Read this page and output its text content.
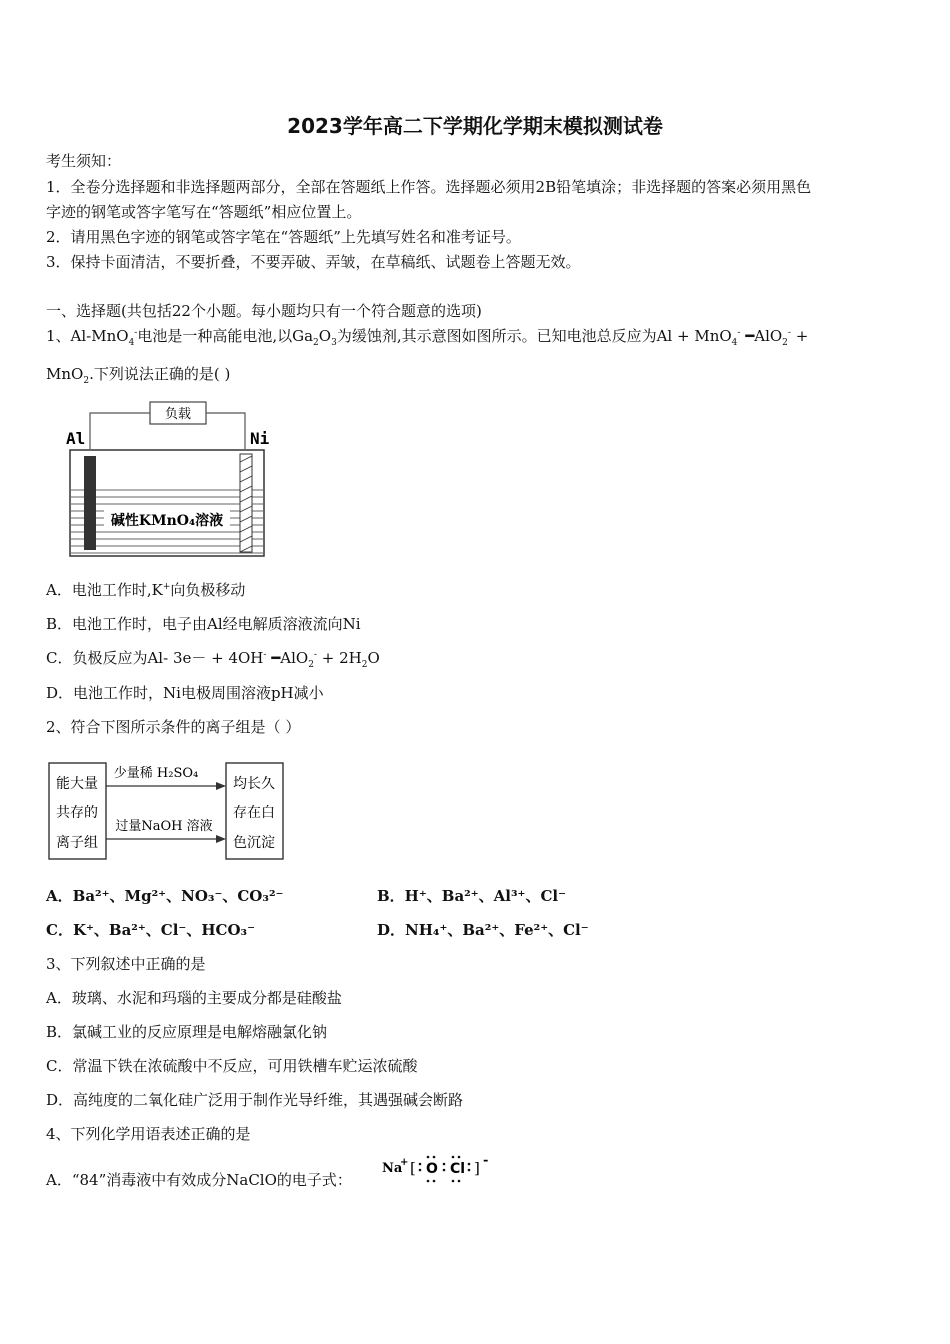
2023学年高二下学期化学期末模拟测试卷
考生须知：
1．全卷分选择题和非选择题两部分，全部在答题纸上作答。选择题必须用2B铅笔填涂；非选择题的答案必须用黑色
字迹的钢笔或答字笔写在“答题纸”相应位置上。
2．请用黑色字迹的钢笔或答字笔在“答题纸”上先填写姓名和准考证号。
3．保持卡面清洁，不要折叠，不要弄破、弄皱，在草稿纸、试题卷上答题无效。
一、选择题(共包括22个小题。每小题均只有一个符合题意的选项)
1、Al-MnO$_4$-电池是一种高能电池,以$Ga_2O_3$为缓蚀剂,其示意图如图所示。已知电池总反应为Al + MnO$_4$- ━AlO$_2$- +
MnO$_2$.下列说法正确的是( )
负载
Al	Ni
碱性KMnO₄溶液
A．电池工作时,K+向负极移动
B．电池工作时，电子由Al经电解质溶液流向Ni
C．负极反应为Al- 3e－ + 4OH- ━AlO$_2$- + $2H_2O$
D．电池工作时，Ni电极周围溶液pH减小
2、符合下图所示条件的离子组是（ ）
能大量
共存的
离子组
均长久
存在白
色沉淀
少量稀 H₂SO₄
过量NaOH 溶液
A．Ba²⁺、Mg²⁺、NO₃⁻、CO₃²⁻	B．H⁺、Ba²⁺、Al³⁺、Cl⁻
C．K⁺、Ba²⁺、Cl⁻、HCO₃⁻	D．NH₄⁺、Ba²⁺、Fe²⁺、Cl⁻
3、下列叙述中正确的是
A．玻璃、水泥和玛瑙的主要成分都是硅酸盐
B．氯碱工业的反应原理是电解熔融氯化钠
C．常温下铁在浓硫酸中不反应，可用铁槽车贮运浓硫酸
D．高纯度的二氧化硅广泛用于制作光导纤维，其遇强碱会断路
4、下列化学用语表述正确的是
A．“84”消毒液中有效成分NaClO的电子式：
Na
+ [ O Cl ] -
